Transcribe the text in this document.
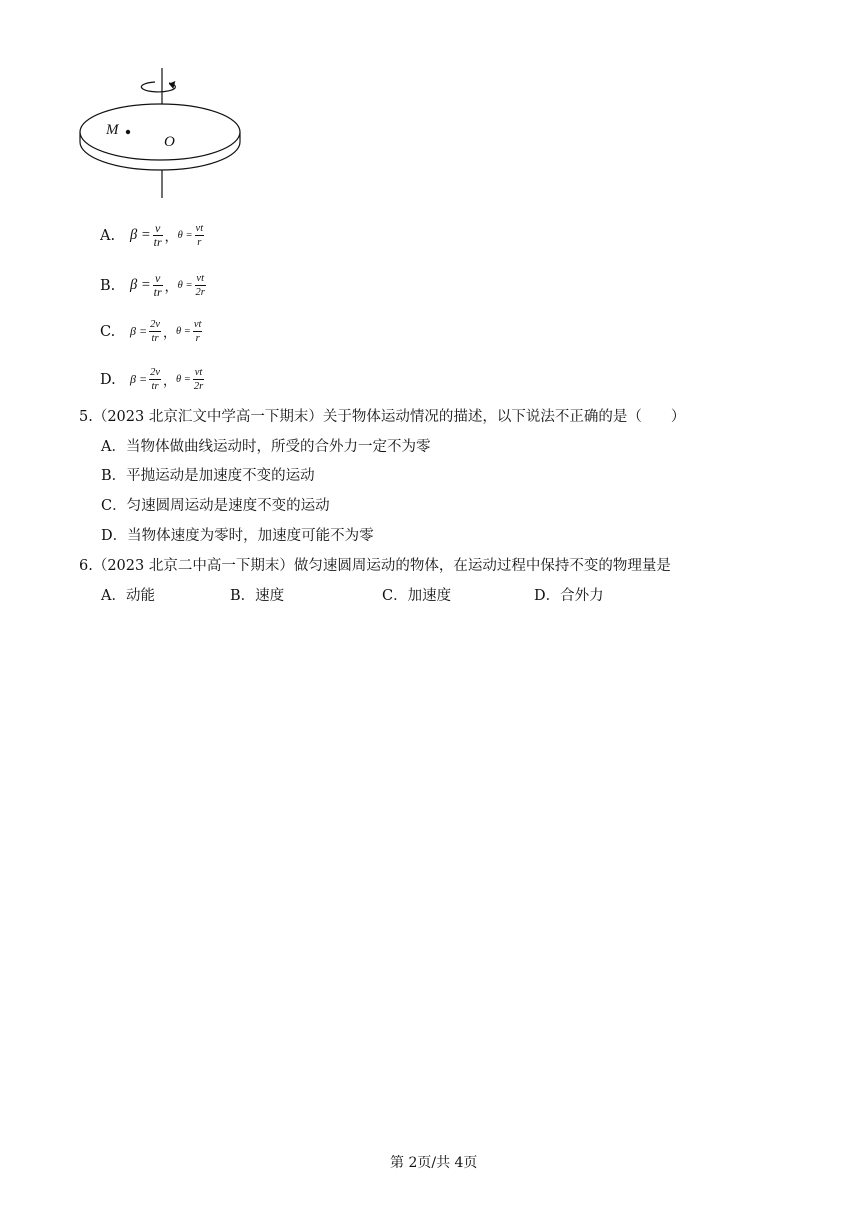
M
O
A.	$\beta = \frac{v}{tr}$ ， $\theta = \frac{vt}{r}$
B.	$\beta = \frac{v}{tr}$ ， $\theta = \frac{vt}{2r}$
C.	$\beta = \frac{2v}{tr}$ ， $\theta = \frac{vt}{r}$
D.	$\beta = \frac{2v}{tr}$ ， $\theta = \frac{vt}{2r}$
5.（2023 北京汇文中学高一下期末）关于物体运动情况的描述，以下说法不正确的是（　　）
A．当物体做曲线运动时，所受的合外力一定不为零
B．平抛运动是加速度不变的运动
C．匀速圆周运动是速度不变的运动
D．当物体速度为零时，加速度可能不为零
6.（2023 北京二中高一下期末）做匀速圆周运动的物体，在运动过程中保持不变的物理量是
A．动能	B．速度	C．加速度	D．合外力
第 2页/共 4页
